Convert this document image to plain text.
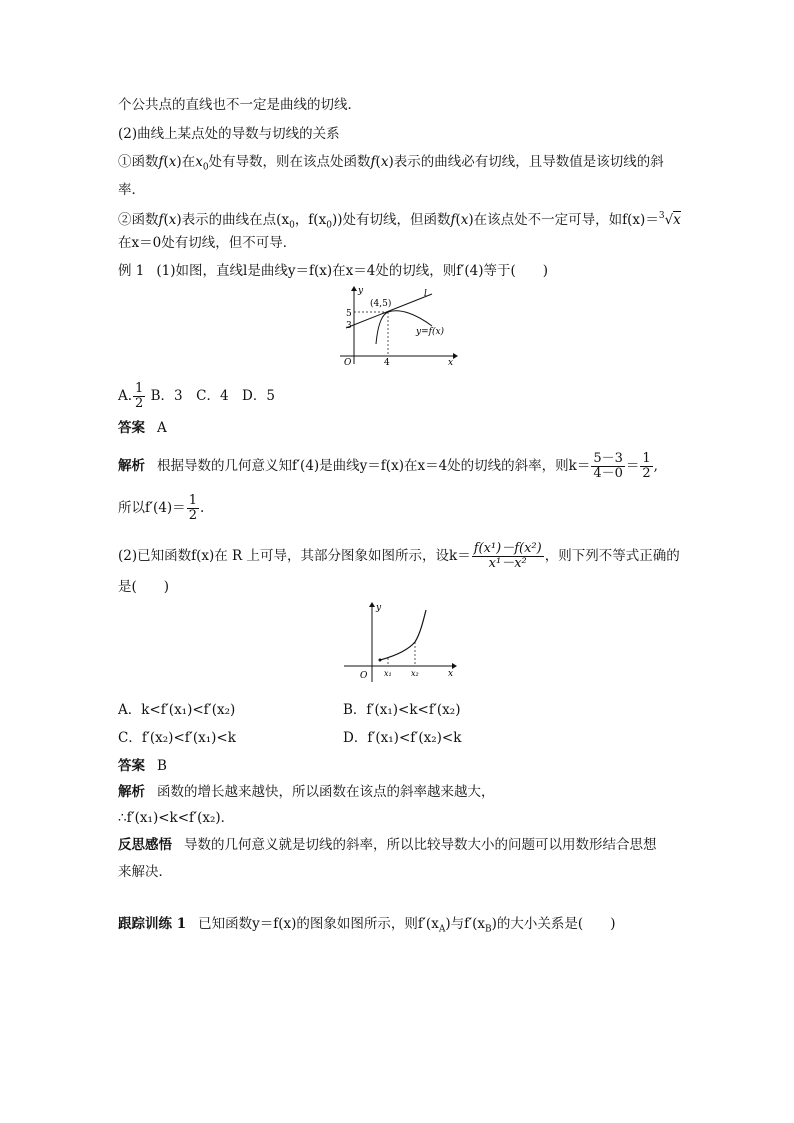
个公共点的直线也不一定是曲线的切线．
(2)曲线上某点处的导数与切线的关系
①函数f(x)在$x_0$处有导数，则在该点处函数f(x)表示的曲线必有切线，且导数值是该切线的斜
率．
②函数f(x)表示的曲线在点($x_0$，$f(x_0)$)处有切线，但函数f(x)在该点处不一定可导，如f(x)＝$^3$√x
在x＝0处有切线，但不可导．
例 1 (1)如图，直线l是曲线y＝f(x)在x＝4处的切线，则f′(4)等于(　　)
y
x
O
5
3
4
(4,5)
l
y=f(x)
A. $\frac{1}{2}$ B．3　C．4　D．5
答案 A
解析 根据导数的几何意义知f′(4)是曲线y＝f(x)在x＝4处的切线的斜率，则$k= \frac{5-3}{4-0} = \frac{1}{2}$ ,
所以$f'(4)= \frac{1}{2}$ .
(2)已知函数f(x)在 R 上可导，其部分图象如图所示，设$k= \frac{\text{f(x¹)－f(x²)}}{\text{x¹－x²}}$ ，则下列不等式正确的
是(　　)
y
x
O x₁ x₂
A．k<f′(x₁)<f′(x₂)	B．f′(x₁)<k<f′(x₂)
C．f′(x₂)<f′(x₁)<k	D．f′(x₁)<f′(x₂)<k
答案 B
解析 函数的增长越来越快，所以函数在该点的斜率越来越大，
∴f′(x₁)<k<f′(x₂)．
反思感悟 导数的几何意义就是切线的斜率，所以比较导数大小的问题可以用数形结合思想
来解决．
跟踪训练 1 已知函数y＝f(x)的图象如图所示，则$f'(x_A)$与$f'(x_B)$的大小关系是(　　)
